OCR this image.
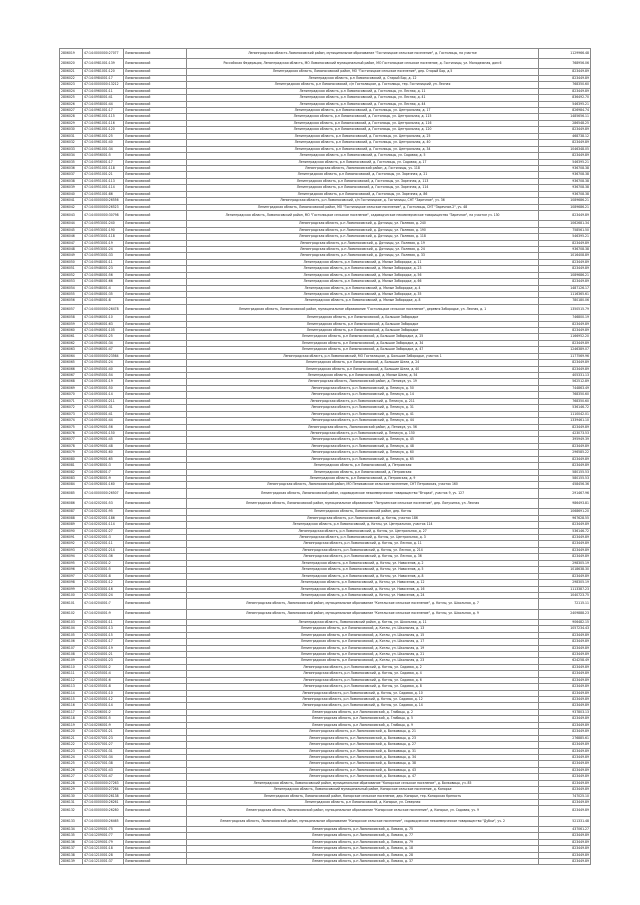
2806019	47:14:0000000:27077	Ломоносовский	Ленинградская область Ломоносовский район, муниципальное образование "Гостилицкое сельское поселение", д. Гостилицы, на участке	1129966.48
2806020	47:14:0981001:139	Ломоносовский	Российская Федерация, Ленинградская область, МО Ломоносовский муниципальный район, МО Гостилицкое сельское поселение, д. Гостилицы, ул. Молодежная, дом 6	768956.06
2806021	47:14:0981001:120	Ломоносовский	Ленинградская область, Ломоносовский район, МО "Гостилицкое сельское поселение", дер. Старый Бор, д.5	823449.89
2806022	47:14:0984001:17	Ломоносовский	Ленинградская область, р-н Ломоносовский, д. Старый Бор, д. 12	823449.89
2806023	47:14:0000000:13212	Ломоносовский	Ленинградская область, р-н Ломоносовский, с/п Гостилицкое, д. Гостилицы, тер. Гостилицкий, ул. Лесная	768350.60
2806024	47:14:0960001:11	Ломоносовский	Ленинградская область, р-н Ломоносовский, д. Гостилицы, ул. Лесная, д. 11	823449.89
2806025	47:14:0958001:41	Ломоносовский	Ленинградская область, р-н Ломоносовский, д. Гостилицы, ул. Лесная, д. 41	836492.70
2806026	47:14:0958001:44	Ломоносовский	Ленинградская область, р-н Ломоносовский, д. Гостилицы, ул. Лесная, д. 44	546395.21
2806027	47:14:0961001:17	Ломоносовский	Ленинградская область, р-н Ломоносовский, д. Гостилицы, ул. Центральная, д. 17	826984.74
2806028	47:14:0961001:115	Ломоносовский	Ленинградская область, р-н Ломоносовский, д. Гостилицы, ул. Центральная, д. 115	1485656.11
2806029	47:14:0961001:116	Ломоносовский	Ленинградская область, р-н Ломоносовский, д. Гостилицы, ул. Центральная, д. 116	286548.25
2806030	47:14:0961001:120	Ломоносовский	Ленинградская область, р-н Ломоносовский, д. Гостилицы, ул. Центральная, д. 120	823449.89
2806031	47:14:0961001:25	Ломоносовский	Ленинградская область, р-н Ломоносовский, д. Гостилицы, ул. Центральная, д. 25	468738.12
2806032	47:14:0961001:40	Ломоносовский	Ленинградская область, р-н Ломоносовский, д. Гостилицы, ул. Центральная, д. 40	823449.89
2806033	47:14:0961001:34	Ломоносовский	Ленинградская область, р-н Ломоносовский, д. Гостилицы, ул. Центральная, д. 34	1046348.05
2806034	47:14:0956001:5	Ломоносовский	Ленинградская область, р-н Ломоносовский, д. Гостилицы, ул. Садовая, д. 5	823449.89
2806035	47:14:0956001:17	Ломоносовский	Ленинградская область, р-н Ломоносовский, д. Гостилицы, ул. Садовая, д. 17	546395.21
2806036	47:14:0951001:118	Ломоносовский	Ленинградская область, Ломоносовский район, д. Гостилицы, уч. 118	936708.38
2806037	47:14:0951001:21	Ломоносовский	Ленинградская область, р-н Ломоносовский, д. Гостилицы, ул. Заречная, д. 21	936708.38
2806038	47:14:0951001:113	Ломоносовский	Ленинградская область, р-н Ломоносовский, д. Гостилицы, ул. Заречная, д. 113	936708.38
2806039	47:14:0951001:114	Ломоносовский	Ленинградская область, р-н Ломоносовский, д. Гостилицы, ул. Заречная, д. 114	936708.38
2806040	47:14:0951001:86	Ломоносовский	Ленинградская область, р-н Ломоносовский, д. Гостилицы, ул. Заречная, д. 86	936708.38
2806041	47:14:0000000:26556	Ломоносовский	Ленинградская область, р-н Ломоносовский, с/п Гостилицкое, д. Гостилицы, СНТ "Заречное", уч. 36	1089686.21
2806042	47:14:0000000:26523	Ломоносовский	Ленинградская область, Ломоносовский район, МО "Гостилицкое сельское поселение", д. Гостилицы, СНТ "Заречное-2", уч. 48	1089686.21
2806043	47:14:0000000:30798	Ломоносовский	Ленинградская область, Ломоносовский район, МО "Гостилицкое сельское поселение", садоводческое некоммерческое товарищество "Заречное", на участке уч. 130	823449.89
2806044	47:14:0953001:240	Ломоносовский	Ленинградская область, р-н Ломоносовский, д. Дятлицы, ул. Полевая, д. 240	1062681.34
2806045	47:14:0953001:190	Ломоносовский	Ленинградская область, р-н Ломоносовский, д. Дятлицы, ул. Полевая, д. 190	758561.50
2806046	47:14:0953001:118	Ломоносовский	Ленинградская область, р-н Ломоносовский, д. Дятлицы, ул. Полевая, д. 118	546395.21
2806047	47:14:0953001:19	Ломоносовский	Ленинградская область, р-н Ломоносовский, д. Дятлицы, ул. Полевая, д. 19	823449.89
2806048	47:14:0953001:24	Ломоносовский	Ленинградская область, р-н Ломоносовский, д. Дятлицы, ул. Полевая, д. 24	936708.38
2806049	47:14:0953001:33	Ломоносовский	Ленинградская область, р-н Ломоносовский, д. Дятлицы, ул. Полевая, д. 33	1016408.89
2806050	47:14:0948001:11	Ломоносовский	Ленинградская область, р-н Ломоносовский, д. Малые Забородье, д. 11	823449.89
2806051	47:14:0948001:23	Ломоносовский	Ленинградская область, р-н Ломоносовский, д. Малые Забородье, д. 23	823449.89
2806052	47:14:0948001:56	Ломоносовский	Ленинградская область, р-н Ломоносовский, д. Малые Забородье, д. 56	1089686.21
2806053	47:14:0948001:66	Ломоносовский	Ленинградская область, р-н Ломоносовский, д. Малые Забородье, д. 66	823449.89
2806054	47:14:0948001:4	Ломоносовский	Ленинградская область, р-н Ломоносовский, д. Малые Забородье, д. 4	1487126.17
2806055	47:14:0948001:35	Ломоносовский	Ленинградская область, р-н Ломоносовский, д. Малые Забородье, д. 35	1116365.61
2806056	47:14:0948001:8	Ломоносовский	Ленинградская область, р-н Ломоносовский, д. Малые Забородье, д. 8	780180.06
2806057	47:14:0000000:26478	Ломоносовский	Ленинградская область, Ломоносовский район, муниципальное образование "Гостилицкое сельское поселение", деревня Забородье, ул. Лесная, д. 1	1350515.79
2806058	47:14:0946001:10	Ломоносовский	Ленинградская область, р-н Ломоносовский, д. Большое Забородье	746800.19
2806059	47:14:0946001:63	Ломоносовский	Ленинградская область, р-н Ломоносовский, д. Большое Забородье	823449.89
2806060	47:14:0946001:105	Ломоносовский	Ленинградская область, р-н Ломоносовский, д. Большое Забородье	823449.89
2806061	47:14:0946001:25	Ломоносовский	Ленинградская область, р-н Ломоносовский, д. Большое Забородье, д. 25	1166952.20
2806062	47:14:0946001:34	Ломоносовский	Ленинградская область, р-н Ломоносовский, д. Большое Забородье, д. 34	823449.89
2806063	47:14:0946001:47	Ломоносовский	Ленинградская область, р-н Ломоносовский, д. Большое Забородье, д. 47	1246389.07
2806064	47:14:0000000:23564	Ломоносовский	Ленинградская область, р-н Ломоносовский, МО Гостилицкое, д. Большое Забородье, участок 1	1177569.96
2806065	47:14:0945001:24	Ломоносовский	Ленинградская область, р-н Ломоносовский, д. Большие Шели, д. 24	823449.89
2806066	47:14:0945001:40	Ломоносовский	Ленинградская область, р-н Ломоносовский, д. Большие Шели, д. 40	823449.89
2806067	47:14:0945001:54	Ломоносовский	Ленинградская область, р-н Ломоносовский, д. Малые Шели, д. 54	405331.13
2806068	47:14:0930001:19	Ломоносовский	Ленинградская область, Ломоносовский район, д. Пеникуа, уч. 19	562512.89
2806069	47:14:0930001:50	Ломоносовский	Ленинградская область, р-н Ломоносовский, д. Пеникуа, д. 50	744863.49
2806070	47:14:0930001:14	Ломоносовский	Ленинградская область, р-н Ломоносовский, д. Пеникуа, д. 14	768350.60
2806071	47:14:0930001:211	Ломоносовский	Ленинградская область, р-н Ломоносовский, д. Пеникуа, д. 211	768350.60
2806072	47:14:0930001:31	Ломоносовский	Ленинградская область, р-н Ломоносовский, д. Пеникуа, д. 31	536146.72
2806073	47:14:0930001:41	Ломоносовский	Ленинградская область, р-н Ломоносовский, д. Пеникуа, д. 41	1110042.01
2806074	47:14:0930001:44	Ломоносовский	Ленинградская область, р-н Ломоносовский, д. Пеникуа, д. 44	1339461.10
2806075	47:14:0929001:56	Ломоносовский	Ленинградская область, Ломоносовский район, д. Пеникуа, уч. 56	823449.89
2806076	47:14:0929001:150	Ломоносовский	Ленинградская область, р-н Ломоносовский, д. Пеникуа, д. 150	423073.53
2806077	47:14:0929001:45	Ломоносовский	Ленинградская область, р-н Ломоносовский, д. Пеникуа, д. 45	395949.39
2806078	47:14:0929001:48	Ломоносовский	Ленинградская область, р-н Ломоносовский, д. Пеникуа, д. 48	823449.89
2806079	47:14:0929001:60	Ломоносовский	Ленинградская область, р-н Ломоносовский, д. Пеникуа, д. 60	296585.22
2806080	47:14:0929001:65	Ломоносовский	Ленинградская область, р-н Ломоносовский, д. Пеникуа, д. 65	823449.89
2806081	47:14:0928001:3	Ломоносовский	Ленинградская область, р-н Ломоносовский, д. Петровская	823449.89
2806082	47:14:0928001:7	Ломоносовский	Ленинградская область, р-н Ломоносовский, д. Петровская	580155.53
2806083	47:14:0928001:9	Ломоносовский	Ленинградская область, р-н Ломоносовский, д. Петровская, д. 9	580155.53
2806084	47:14:0928001:160	Ломоносовский	Ленинградская область, Ломоносовский район, МО Пениковское сельское поселение, СНТ Петровская, участок 160	458456.36
2806085	47:14:0000000:26507	Ломоносовский	Ленинградская область, Ломоносовский район, садоводческое некоммерческое товарищество "Вторая", участок 9, уч. 127	291467.96
2806086	47:14:0202001:53	Ломоносовский	Ленинградская область, Ломоносовский район, муниципальное образование "Лопухинское сельское поселение", дер. Лопухинка, ул. Лесная	986493.81
2806087	47:14:0202001:95	Ломоносовский	Ленинградская область, Ломоносовский район, дер. Котлы	1068691.20
2806088	47:14:0202001:186	Ломоносовский	Ленинградская область, р-н Ломоносовский, д. Котлы, участок 186	967628.55
2806089	47:14:0202001:114	Ломоносовский	Ленинградская область, р-н Ломоносовский, д. Котлы, ул. Центральная, участок 114	823449.89
2806090	47:14:0202001:27	Ломоносовский	Ленинградская область, р-н Ломоносовский, д. Котлы, ул. Центральная, д. 27	536146.72
2806091	47:14:0202001:3	Ломоносовский	Ленинградская область, р-н Ломоносовский, д. Котлы, ул. Центральная, д. 3	823449.89
2806092	47:14:0202001:11	Ломоносовский	Ленинградская область, р-н Ломоносовский, д. Котлы, ул. Лесная, д. 11	823449.89
2806093	47:14:0202001:214	Ломоносовский	Ленинградская область, р-н Ломоносовский, д. Котлы, ул. Лесная, д. 214	823449.89
2806094	47:14:0202001:36	Ломоносовский	Ленинградская область, р-н Ломоносовский, д. Котлы, ул. Лесная, д. 36	823449.89
2806095	47:14:0203001:2	Ломоносовский	Ленинградская область, р-н Ломоносовский, д. Котлы, ул. Новоселов, д. 2	298305.19
2806096	47:14:0203001:5	Ломоносовский	Ленинградская область, р-н Ломоносовский, д. Котлы, ул. Новоселов, д. 5	1018638.30
2806097	47:14:0203001:8	Ломоносовский	Ленинградская область, р-н Ломоносовский, д. Котлы, ул. Новоселов, д. 8	823449.89
2806098	47:14:0203001:12	Ломоносовский	Ленинградская область, р-н Ломоносовский, д. Котлы, ул. Новоселов, д. 12	298305.19
2806099	47:14:0203001:16	Ломоносовский	Ленинградская область, р-н Ломоносовский, д. Котлы, ул. Новоселов, д. 16	1113387.23
2806100	47:14:0203001:24	Ломоносовский	Ленинградская область, р-н Ломоносовский, д. Котлы, ул. Новоселов, д. 24	1040723.75
2806101	47:14:0204001:7	Ломоносовский	Ленинградская область, Ломоносовский район, муниципальное образование "Котельское сельское поселение", д. Котлы, ул. Школьная, д. 7	72115.11
2806102	47:14:0204001:9	Ломоносовский	Ленинградская область, Ломоносовский район, муниципальное образование "Котельское сельское поселение", д. Котлы, ул. Школьная, д. 9	2409888.23
2806103	47:14:0204001:11	Ломоносовский	Ленинградская область, Ломоносовский район, д. Котлы, ул. Школьная, д. 11	906482.15
2806104	47:14:0204001:13	Ломоносовский	Ленинградская область, р-н Ломоносовский, д. Котлы, ул. Школьная, д. 13	1057234.43
2806105	47:14:0204001:15	Ломоносовский	Ленинградская область, р-н Ломоносовский, д. Котлы, ул. Школьная, д. 15	823449.89
2806106	47:14:0204001:17	Ломоносовский	Ленинградская область, р-н Ломоносовский, д. Котлы, ул. Школьная, д. 17	823449.89
2806107	47:14:0204001:19	Ломоносовский	Ленинградская область, р-н Ломоносовский, д. Котлы, ул. Школьная, д. 19	823449.89
2806108	47:14:0204001:21	Ломоносовский	Ленинградская область, р-н Ломоносовский, д. Котлы, ул. Школьная, д. 21	823449.89
2806109	47:14:0204001:23	Ломоносовский	Ленинградская область, р-н Ломоносовский, д. Котлы, ул. Школьная, д. 23	624258.49
2806110	47:14:0205001:2	Ломоносовский	Ленинградская область, р-н Ломоносовский, д. Котлы, ул. Садовая, д. 2	823449.89
2806111	47:14:0205001:4	Ломоносовский	Ленинградская область, р-н Ломоносовский, д. Котлы, ул. Садовая, д. 4	823449.89
2806112	47:14:0205001:6	Ломоносовский	Ленинградская область, р-н Ломоносовский, д. Котлы, ул. Садовая, д. 6	823449.89
2806113	47:14:0205001:8	Ломоносовский	Ленинградская область, р-н Ломоносовский, д. Котлы, ул. Садовая, д. 8	823449.89
2806114	47:14:0205001:10	Ломоносовский	Ленинградская область, р-н Ломоносовский, д. Котлы, ул. Садовая, д. 10	823449.89
2806115	47:14:0205001:12	Ломоносовский	Ленинградская область, р-н Ломоносовский, д. Котлы, ул. Садовая, д. 12	823449.89
2806116	47:14:0205001:14	Ломоносовский	Ленинградская область, р-н Ломоносовский, д. Котлы, ул. Садовая, д. 14	823449.89
2806117	47:14:0206001:2	Ломоносовский	Ленинградская область, р-н Ломоносовский, д. Глобицы, д. 2	937803.13
2806118	47:14:0206001:5	Ломоносовский	Ленинградская область, р-н Ломоносовский, д. Глобицы, д. 5	823449.89
2806119	47:14:0206001:9	Ломоносовский	Ленинградская область, р-н Ломоносовский, д. Глобицы, д. 9	823449.89
2806120	47:14:0207001:21	Ломоносовский	Ленинградская область, р-н Ломоносовский, д. Волковицы, д. 21	823449.89
2806121	47:14:0207001:23	Ломоносовский	Ленинградская область, р-н Ломоносовский, д. Волковицы, д. 23	276885.61
2806122	47:14:0207001:27	Ломоносовский	Ленинградская область, р-н Ломоносовский, д. Волковицы, д. 27	823449.89
2806123	47:14:0207001:31	Ломоносовский	Ленинградская область, р-н Ломоносовский, д. Волковицы, д. 31	823449.89
2806124	47:14:0207001:34	Ломоносовский	Ленинградская область, р-н Ломоносовский, д. Волковицы, д. 34	823449.89
2806125	47:14:0207001:38	Ломоносовский	Ленинградская область, р-н Ломоносовский, д. Волковицы, д. 38	823449.89
2806126	47:14:0207001:43	Ломоносовский	Ленинградская область, р-н Ломоносовский, д. Волковицы, д. 43	823449.89
2806127	47:14:0207001:47	Ломоносовский	Ленинградская область, р-н Ломоносовский, д. Волковицы, д. 47	823449.89
2806128	47:14:0000000:27263	Ломоносовский	Ленинградская область, Ломоносовский район, муниципальное образование "Копорское сельское поселение", д. Волковицы, уч. 85	823449.89
2806129	47:14:0000000:27264	Ломоносовский	Ленинградская область, Ломоносовский муниципальный район, Копорское сельское поселение, д. Копорье	823449.89
2806130	47:14:0000000:26138	Ломоносовский	Ленинградская область, Ломоносовский район, Копорское сельское поселение, дер. Копорье, тер. Копорская Крепость	747025.10
2806131	47:14:0000000:26261	Ломоносовский	Ленинградская область, р-н Ломоносовский, д. Копорье, ул. Северная	823449.89
2806132	47:14:0000000:26280	Ломоносовский	Ленинградская область, Ломоносовский район, муниципальное образование "Копорское сельское поселение", д. Копорье, ул. Садовая, уч. 9	823449.89
2806133	47:14:0000000:26465	Ломоносовский	Ленинградская область, Ломоносовский район, муниципальное образование "Копорское сельское поселение", садоводческое некоммерческое товарищество "Дубки", уч. 2	521331.48
2806134	47:14:1209001:75	Ломоносовский	Ленинградская область, р-н Ломоносовский, д. Ломаха, д. 75	437061.27
2806135	47:14:1209001:77	Ломоносовский	Ленинградская область, р-н Ломоносовский, д. Ломаха, д. 77	823449.89
2806136	47:14:1209001:79	Ломоносовский	Ленинградская область, р-н Ломоносовский, д. Ломаха, д. 79	823449.89
2806137	47:14:1210001:18	Ломоносовский	Ленинградская область, р-н Ломоносовский, д. Ломаха, д. 18	823449.89
2806138	47:14:1210001:28	Ломоносовский	Ленинградская область, р-н Ломоносовский, д. Ломаха, д. 28	823449.89
2806139	47:14:1210001:37	Ломоносовский	Ленинградская область, р-н Ломоносовский, д. Ломаха, д. 37	823449.89
